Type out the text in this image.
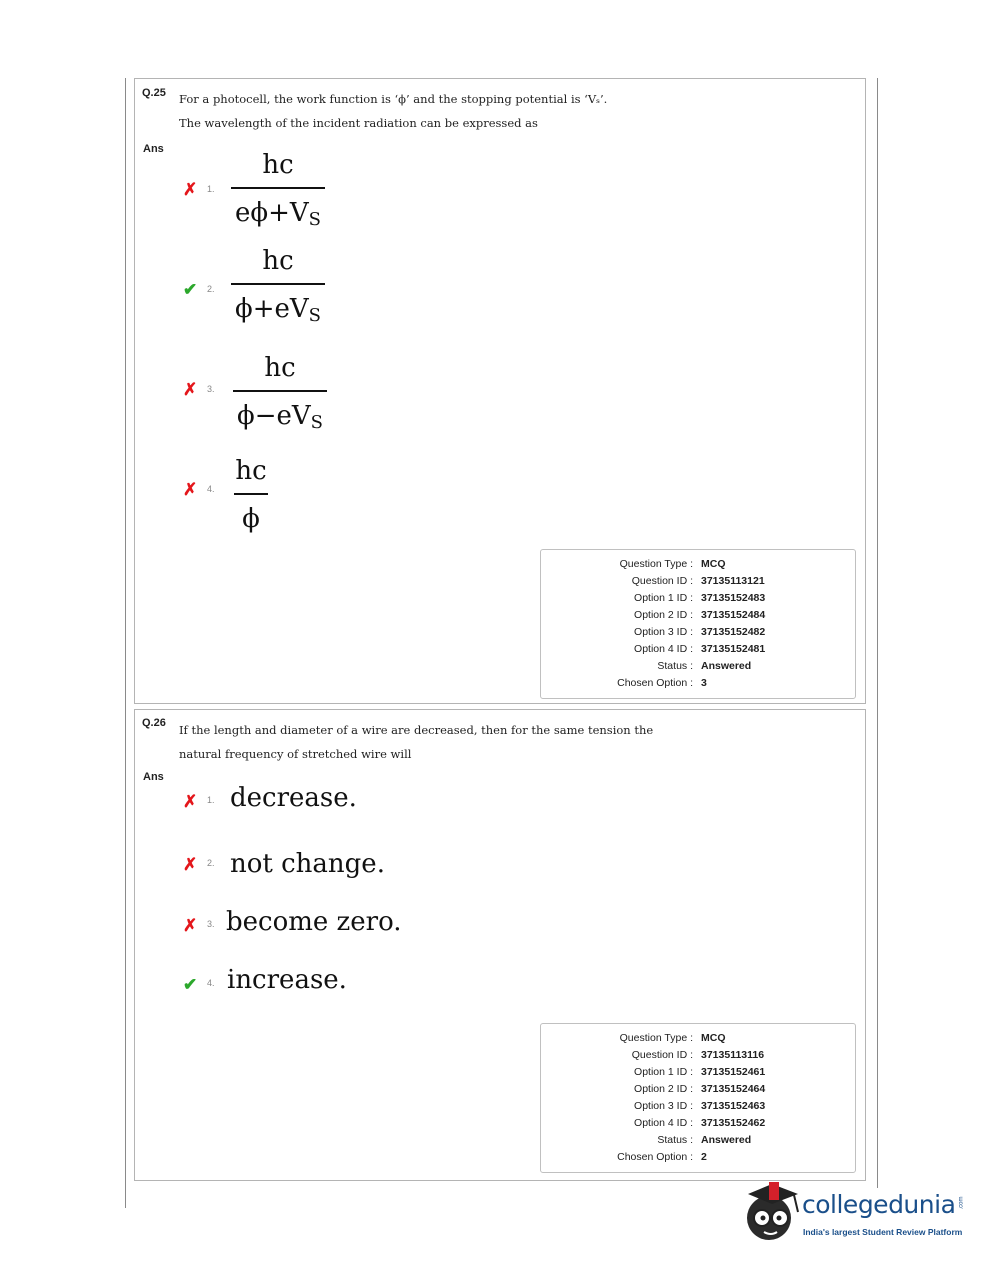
Q.25 For a photocell, the work function is ‘ϕ’ and the stopping potential is ‘Vₛ’.
The wavelength of the incident radiation can be expressed as
Ans
✗ 1.
hc
$e\phi+V_S$
✔ 2.
hc
$\phi+eV_S$
✗ 3.
hc
$\phi-eV_S$
✗ 4.
hc
ϕ
Question Type : MCQ
Question ID : 37135113121
Option 1 ID : 37135152483
Option 2 ID : 37135152484
Option 3 ID : 37135152482
Option 4 ID : 37135152481
Status : Answered
Chosen Option : 3
Q.26 If the length and diameter of a wire are decreased, then for the same tension the
natural frequency of stretched wire will
Ans
✗ 1. decrease.
✗ 2. not change.
✗ 3. become zero.
✔ 4. increase.
Question Type : MCQ
Question ID : 37135113116
Option 1 ID : 37135152461
Option 2 ID : 37135152464
Option 3 ID : 37135152463
Option 4 ID : 37135152462
Status : Answered
Chosen Option : 2
collegedunia .com
India's largest Student Review Platform
